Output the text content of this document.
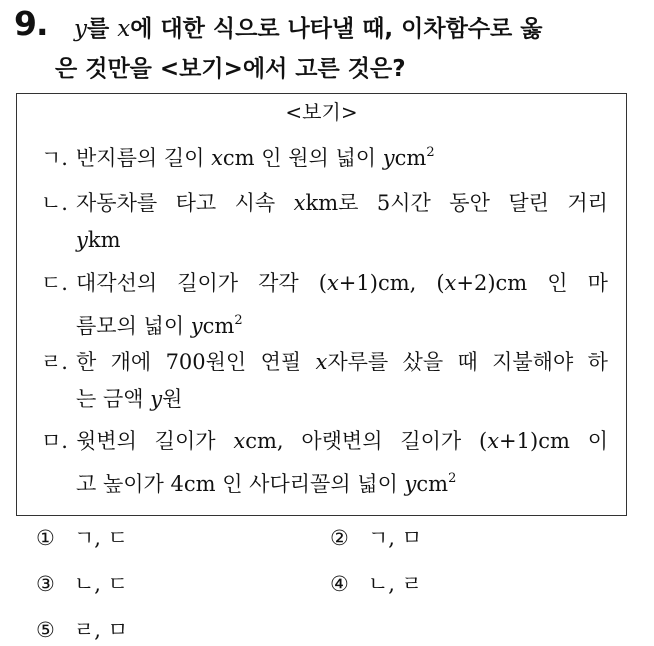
9. y를 x에 대한 식으로 나타낼 때, 이차함수로 옳
은 것만을 <보기>에서 고른 것은?
<보기>
ㄱ. 반지름의 길이 xcm 인 원의 넓이 ycm$^2$
ㄴ. 자동차를 타고 시속 xkm로 5시간 동안 달린 거리
ykm
ㄷ. 대각선의 길이가 각각 (x+1)cm, (x+2)cm 인 마
름모의 넓이 ycm$^2$
ㄹ. 한 개에 700원인 연필 x자루를 샀을 때 지불해야 하
는 금액 y원
ㅁ. 윗변의 길이가 xcm, 아랫변의 길이가 (x+1)cm 이
고 높이가 4cm 인 사다리꼴의 넓이 ycm$^2$
① ㄱ, ㄷ	② ㄱ, ㅁ
③ ㄴ, ㄷ	④ ㄴ, ㄹ
⑤ ㄹ, ㅁ
